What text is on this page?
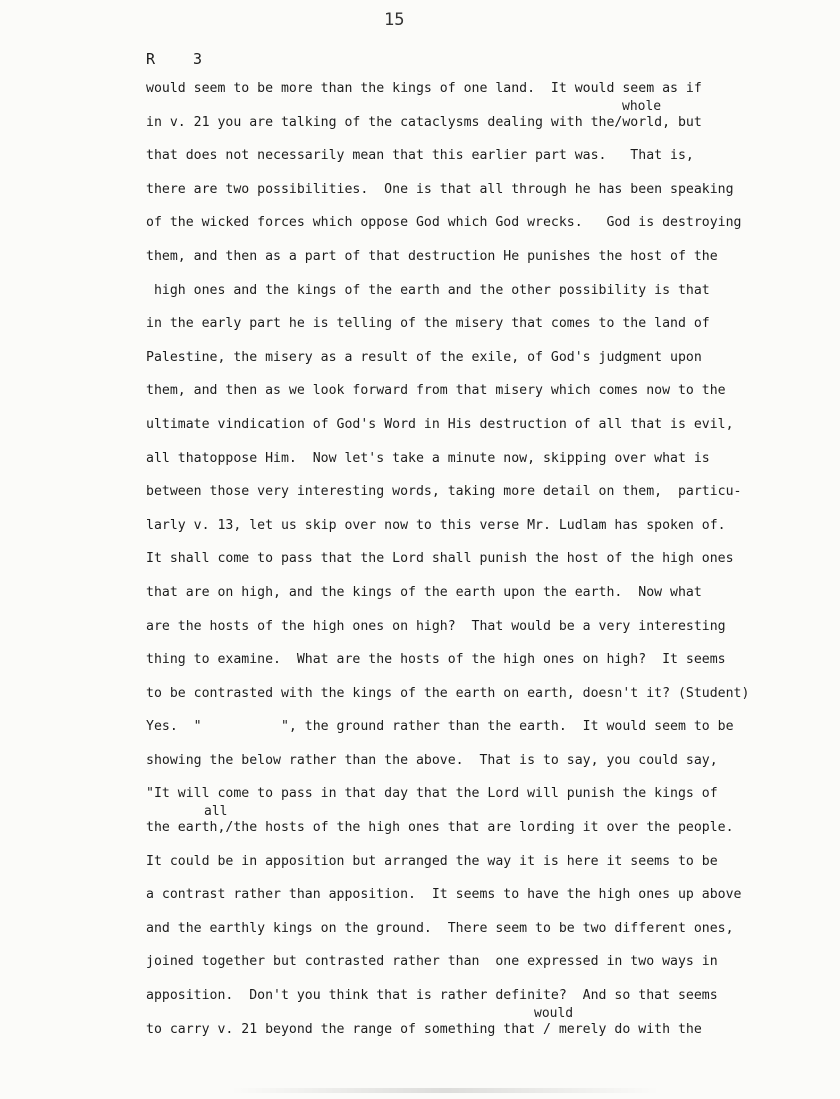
15
R	3
would seem to be more than the kings of one land.  It would seem as if
in v. 21 you are talking of the cataclysms dealing with the/world, but
whole
that does not necessarily mean that this earlier part was.   That is,
there are two possibilities.  One is that all through he has been speaking
of the wicked forces which oppose God which God wrecks.   God is destroying
them, and then as a part of that destruction He punishes the host of the
high ones and the kings of the earth and the other possibility is that
in the early part he is telling of the misery that comes to the land of
Palestine, the misery as a result of the exile, of God's judgment upon
them, and then as we look forward from that misery which comes now to the
ultimate vindication of God's Word in His destruction of all that is evil,
all thatoppose Him.  Now let's take a minute now, skipping over what is
between those very interesting words, taking more detail on them,  particu-
larly v. 13, let us skip over now to this verse Mr. Ludlam has spoken of.
It shall come to pass that the Lord shall punish the host of the high ones
that are on high, and the kings of the earth upon the earth.  Now what
are the hosts of the high ones on high?  That would be a very interesting
thing to examine.  What are the hosts of the high ones on high?  It seems
to be contrasted with the kings of the earth on earth, doesn't it? (Student)
Yes.  "          ", the ground rather than the earth.  It would seem to be
showing the below rather than the above.  That is to say, you could say,
"It will come to pass in that day that the Lord will punish the kings of
the earth,/the hosts of the high ones that are lording it over the people.
all
It could be in apposition but arranged the way it is here it seems to be
a contrast rather than apposition.  It seems to have the high ones up above
and the earthly kings on the ground.  There seem to be two different ones,
joined together but contrasted rather than  one expressed in two ways in
apposition.  Don't you think that is rather definite?  And so that seems
to carry v. 21 beyond the range of something that / merely do with the
would
